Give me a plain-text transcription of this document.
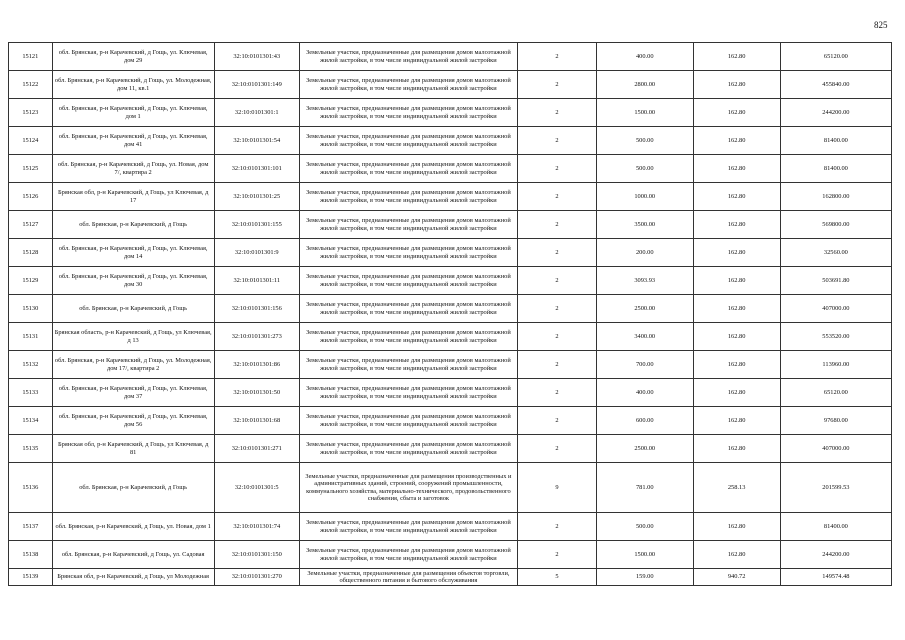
825
15121	обл. Брянская, р-н Карачевский, д Гощь, ул. Ключевая, дом 29	32:10:0101301:43	Земельные участки, предназначенные для размещения домов малоэтажной жилой застройки, в том числе индивидуальной жилой застройки	2	400.00	162.80	65120.00
15122	обл. Брянская, р-н Карачевский, д Гощь, ул. Молодежная, дом 11, кв.1	32:10:0101301:149	Земельные участки, предназначенные для размещения домов малоэтажной жилой застройки, в том числе индивидуальной жилой застройки	2	2800.00	162.80	455840.00
15123	обл. Брянская, р-н Карачевский, д Гощь, ул. Ключевая, дом 1	32:10:0101301:1	Земельные участки, предназначенные для размещения домов малоэтажной жилой застройки, в том числе индивидуальной жилой застройки	2	1500.00	162.80	244200.00
15124	обл. Брянская, р-н Карачевский, д Гощь, ул. Ключевая, дом 41	32:10:0101301:54	Земельные участки, предназначенные для размещения домов малоэтажной жилой застройки, в том числе индивидуальной жилой застройки	2	500.00	162.80	81400.00
15125	обл. Брянская, р-н Карачевский, д Гощь, ул. Новая, дом 7/, квартира 2	32:10:0101301:101	Земельные участки, предназначенные для размещения домов малоэтажной жилой застройки, в том числе индивидуальной жилой застройки	2	500.00	162.80	81400.00
15126	Брянская обл, р-н Карачевский, д Гощь, ул Ключевая, д 17	32:10:0101301:25	Земельные участки, предназначенные для размещения домов малоэтажной жилой застройки, в том числе индивидуальной жилой застройки	2	1000.00	162.80	162800.00
15127	обл. Брянская, р-н Карачевский, д Гощь	32:10:0101301:155	Земельные участки, предназначенные для размещения домов малоэтажной жилой застройки, в том числе индивидуальной жилой застройки	2	3500.00	162.80	569800.00
15128	обл. Брянская, р-н Карачевский, д Гощь, ул. Ключевая, дом 14	32:10:0101301:9	Земельные участки, предназначенные для размещения домов малоэтажной жилой застройки, в том числе индивидуальной жилой застройки	2	200.00	162.80	32560.00
15129	обл. Брянская, р-н Карачевский, д Гощь, ул. Ключевая, дом 30	32:10:0101301:11	Земельные участки, предназначенные для размещения домов малоэтажной жилой застройки, в том числе индивидуальной жилой застройки	2	3093.93	162.80	503691.80
15130	обл. Брянская, р-н Карачевский, д Гощь	32:10:0101301:156	Земельные участки, предназначенные для размещения домов малоэтажной жилой застройки, в том числе индивидуальной жилой застройки	2	2500.00	162.80	407000.00
15131	Брянская область, р-н Карачевский, д Гощь, ул Ключевая, д 13	32:10:0101301:273	Земельные участки, предназначенные для размещения домов малоэтажной жилой застройки, в том числе индивидуальной жилой застройки	2	3400.00	162.80	553520.00
15132	обл. Брянская, р-н Карачевский, д Гощь, ул. Молодежная, дом 17/, квартира 2	32:10:0101301:86	Земельные участки, предназначенные для размещения домов малоэтажной жилой застройки, в том числе индивидуальной жилой застройки	2	700.00	162.80	113960.00
15133	обл. Брянская, р-н Карачевский, д Гощь, ул. Ключевая, дом 37	32:10:0101301:50	Земельные участки, предназначенные для размещения домов малоэтажной жилой застройки, в том числе индивидуальной жилой застройки	2	400.00	162.80	65120.00
15134	обл. Брянская, р-н Карачевский, д Гощь, ул. Ключевая, дом 56	32:10:0101301:68	Земельные участки, предназначенные для размещения домов малоэтажной жилой застройки, в том числе индивидуальной жилой застройки	2	600.00	162.80	97680.00
15135	Брянская обл, р-н Карачевский, д Гощь, ул Ключевая, д 81	32:10:0101301:271	Земельные участки, предназначенные для размещения домов малоэтажной жилой застройки, в том числе индивидуальной жилой застройки	2	2500.00	162.80	407000.00
15136	обл. Брянская, р-н Карачевский, д Гощь	32:10:0101301:5	Земельные участки, предназначенные для размещения производственных и административных зданий, строений, сооружений промышленности, коммунального хозяйства, материально-технического, продовольственного снабжения, сбыта и заготовок	9	781.00	258.13	201599.53
15137	обл. Брянская, р-н Карачевский, д Гощь, ул. Новая, дом 1	32:10:0101301:74	Земельные участки, предназначенные для размещения домов малоэтажной жилой застройки, в том числе индивидуальной жилой застройки	2	500.00	162.80	81400.00
15138	обл. Брянская, р-н Карачевский, д Гощь, ул. Садовая	32:10:0101301:150	Земельные участки, предназначенные для размещения домов малоэтажной жилой застройки, в том числе индивидуальной жилой застройки	2	1500.00	162.80	244200.00
15139	Брянская обл, р-н Карачевский, д Гощь, ул Молодежная	32:10:0101301:270	Земельные участки, предназначенные для размещения объектов торговли, общественного питания и бытового обслуживания	5	159.00	940.72	149574.48
